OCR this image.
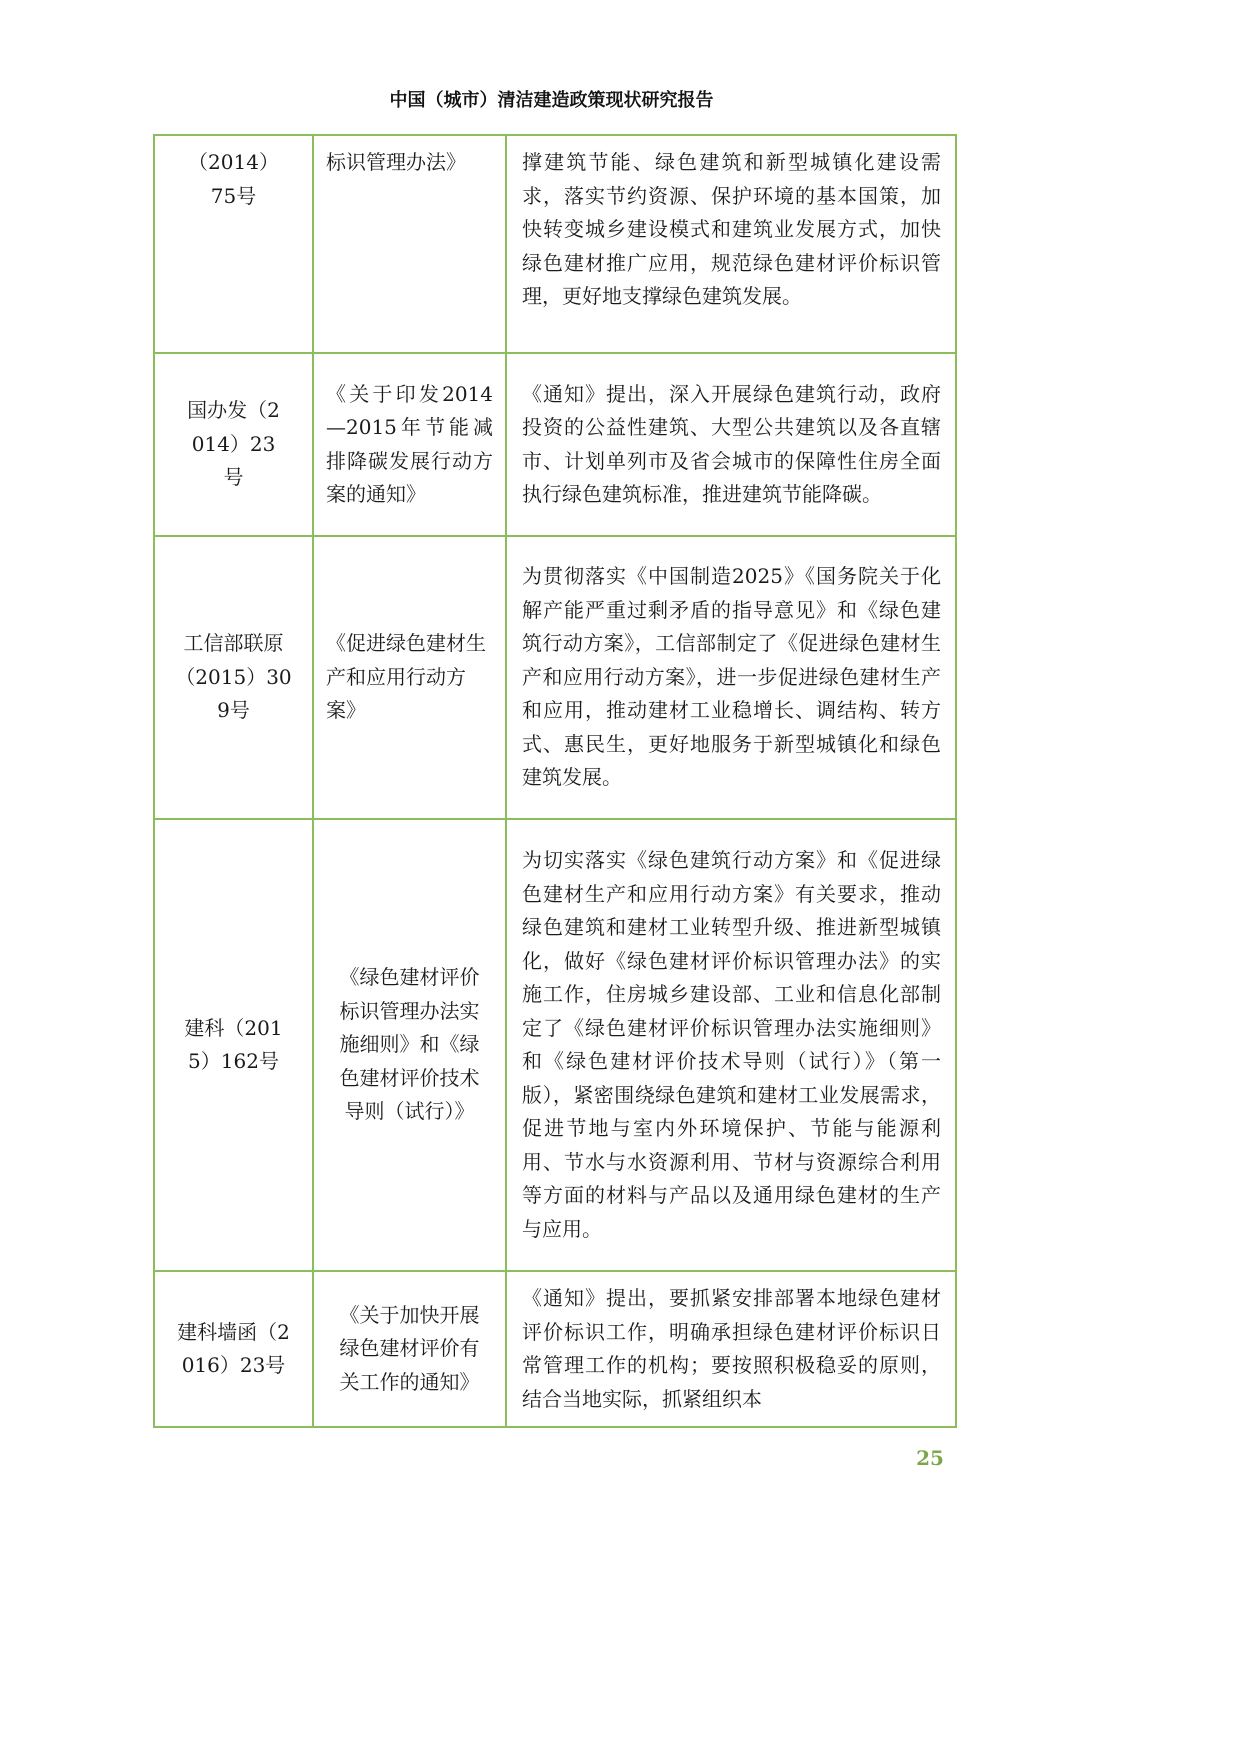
中国（城市）清洁建造政策现状研究报告
（2014）75号	标识管理办法》	撑建筑节能、绿色建筑和新型城镇化建设需求，落实节约资源、保护环境的基本国策，加快转变城乡建设模式和建筑业发展方式，加快绿色建材推广应用，规范绿色建材评价标识管理，更好地支撑绿色建筑发展。
国办发（2014）23号	《关于印发2014—2015年节能减排降碳发展行动方案的通知》	《通知》提出，深入开展绿色建筑行动，政府投资的公益性建筑、大型公共建筑以及各直辖市、计划单列市及省会城市的保障性住房全面执行绿色建筑标准，推进建筑节能降碳。
工信部联原（2015）309号	《促进绿色建材生产和应用行动方案》	为贯彻落实《中国制造2025》《国务院关于化解产能严重过剩矛盾的指导意见》和《绿色建筑行动方案》，工信部制定了《促进绿色建材生产和应用行动方案》，进一步促进绿色建材生产和应用，推动建材工业稳增长、调结构、转方式、惠民生，更好地服务于新型城镇化和绿色建筑发展。
建科（2015）162号	《绿色建材评价标识管理办法实施细则》和《绿色建材评价技术导则（试行）》	为切实落实《绿色建筑行动方案》和《促进绿色建材生产和应用行动方案》有关要求，推动绿色建筑和建材工业转型升级、推进新型城镇化，做好《绿色建材评价标识管理办法》的实施工作，住房城乡建设部、工业和信息化部制定了《绿色建材评价标识管理办法实施细则》和《绿色建材评价技术导则（试行）》（第一版），紧密围绕绿色建筑和建材工业发展需求，促进节地与室内外环境保护、节能与能源利用、节水与水资源利用、节材与资源综合利用等方面的材料与产品以及通用绿色建材的生产与应用。
建科墙函（2016）23号	《关于加快开展绿色建材评价有关工作的通知》	《通知》提出，要抓紧安排部署本地绿色建材评价标识工作，明确承担绿色建材评价标识日常管理工作的机构；要按照积极稳妥的原则，结合当地实际，抓紧组织本
25
